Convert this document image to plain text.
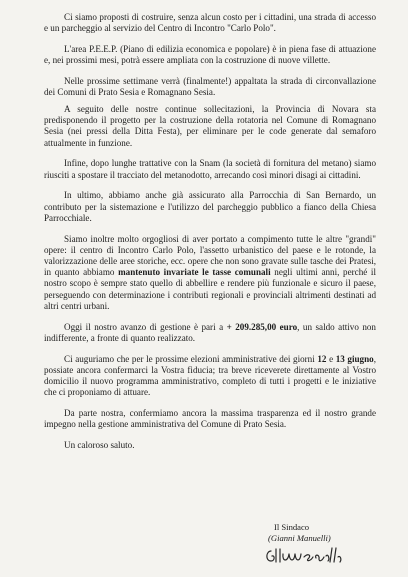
Ci siamo proposti di costruire, senza alcun costo per i cittadini, una strada di accesso e un parcheggio al servizio del Centro di Incontro "Carlo Polo".

L'area P.E.E.P. (Piano di edilizia economica e popolare) è in piena fase di attuazione e, nei prossimi mesi, potrà essere ampliata con la costruzione di nuove villette.

Nelle prossime settimane verrà (finalmente!) appaltata la strada di circonvallazione dei Comuni di Prato Sesia e Romagnano Sesia.

A seguito delle nostre continue sollecitazioni, la Provincia di Novara sta predisponendo il progetto per la costruzione della rotatoria nel Comune di Romagnano Sesia (nei pressi della Ditta Festa), per eliminare per le code generate dal semaforo attualmente in funzione.

Infine, dopo lunghe trattative con la Snam (la società di fornitura del metano) siamo riusciti a spostare il tracciato del metanodotto, arrecando così minori disagi ai cittadini.

In ultimo, abbiamo anche già assicurato alla Parrocchia di San Bernardo, un contributo per la sistemazione e l'utilizzo del parcheggio pubblico a fianco della Chiesa Parrocchiale.

Siamo inoltre molto orgogliosi di aver portato a compimento tutte le altre "grandi" opere: il centro di Incontro Carlo Polo, l'assetto urbanistico del paese e le rotonde, la valorizzazione delle aree storiche, ecc. opere che non sono gravate sulle tasche dei Pratesi, in quanto abbiamo mantenuto invariate le tasse comunali negli ultimi anni, perché il nostro scopo è sempre stato quello di abbellire e rendere più funzionale e sicuro il paese, perseguendo con determinazione i contributi regionali e provinciali altrimenti destinati ad altri centri urbani.

Oggi il nostro avanzo di gestione è pari a + 209.285,00 euro, un saldo attivo non indifferente, a fronte di quanto realizzato.

Ci auguriamo che per le prossime elezioni amministrative dei giorni 12 e 13 giugno, possiate ancora confermarci la Vostra fiducia; tra breve riceverete direttamente al Vostro domicilio il nuovo programma amministrativo, completo di tutti i progetti e le iniziative che ci proponiamo di attuare.

Da parte nostra, confermiamo ancora la massima trasparenza ed il nostro grande impegno nella gestione amministrativa del Comune di Prato Sesia.

Un caloroso saluto.

Il Sindaco
(Gianni Manuelli)
